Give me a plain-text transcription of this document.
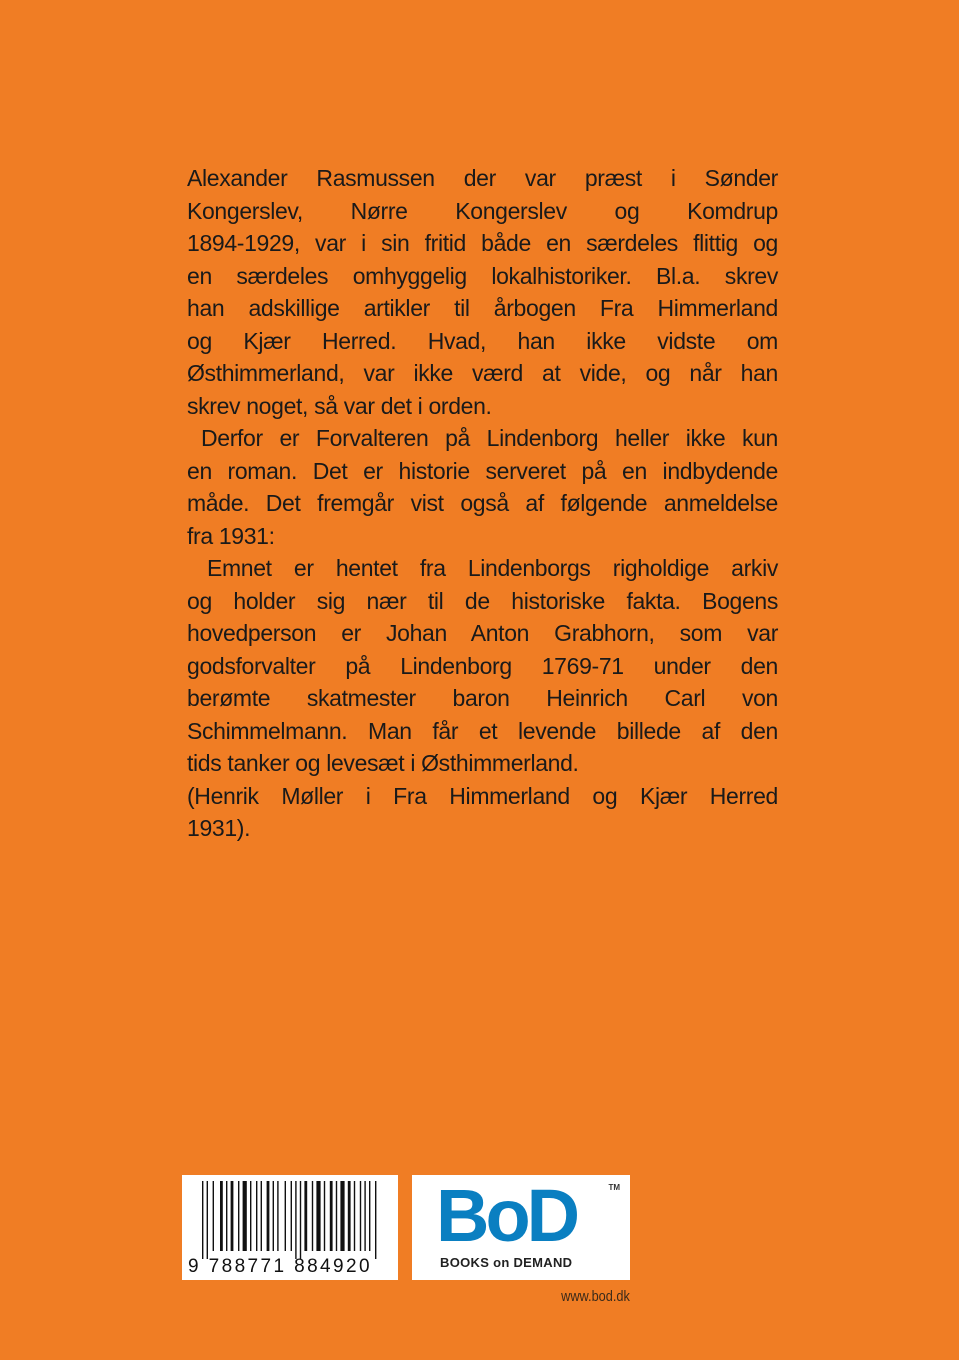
Alexander Rasmussen der var præst i Sønder
Kongerslev, Nørre Kongerslev og Komdrup
1894-1929, var i sin fritid både en særdeles flittig og
en særdeles omhyggelig lokalhistoriker. Bl.a. skrev
han adskillige artikler til årbogen Fra Himmerland
og Kjær Herred. Hvad, han ikke vidste om
Østhimmerland, var ikke værd at vide, og når han
skrev noget, så var det i orden.
Derfor er Forvalteren på Lindenborg heller ikke kun
en roman. Det er historie serveret på en indbydende
måde. Det fremgår vist også af følgende anmeldelse
fra 1931:
Emnet er hentet fra Lindenborgs righoldige arkiv
og holder sig nær til de historiske fakta. Bogens
hovedperson er Johan Anton Grabhorn, som var
godsforvalter på Lindenborg 1769-71 under den
berømte skatmester baron Heinrich Carl von
Schimmelmann. Man får et levende billede af den
tids tanker og levesæt i Østhimmerland.
(Henrik Møller i Fra Himmerland og Kjær Herred
1931).
9 788771 884920
BoD	TM
BOOKS on DEMAND
www.bod.dk
